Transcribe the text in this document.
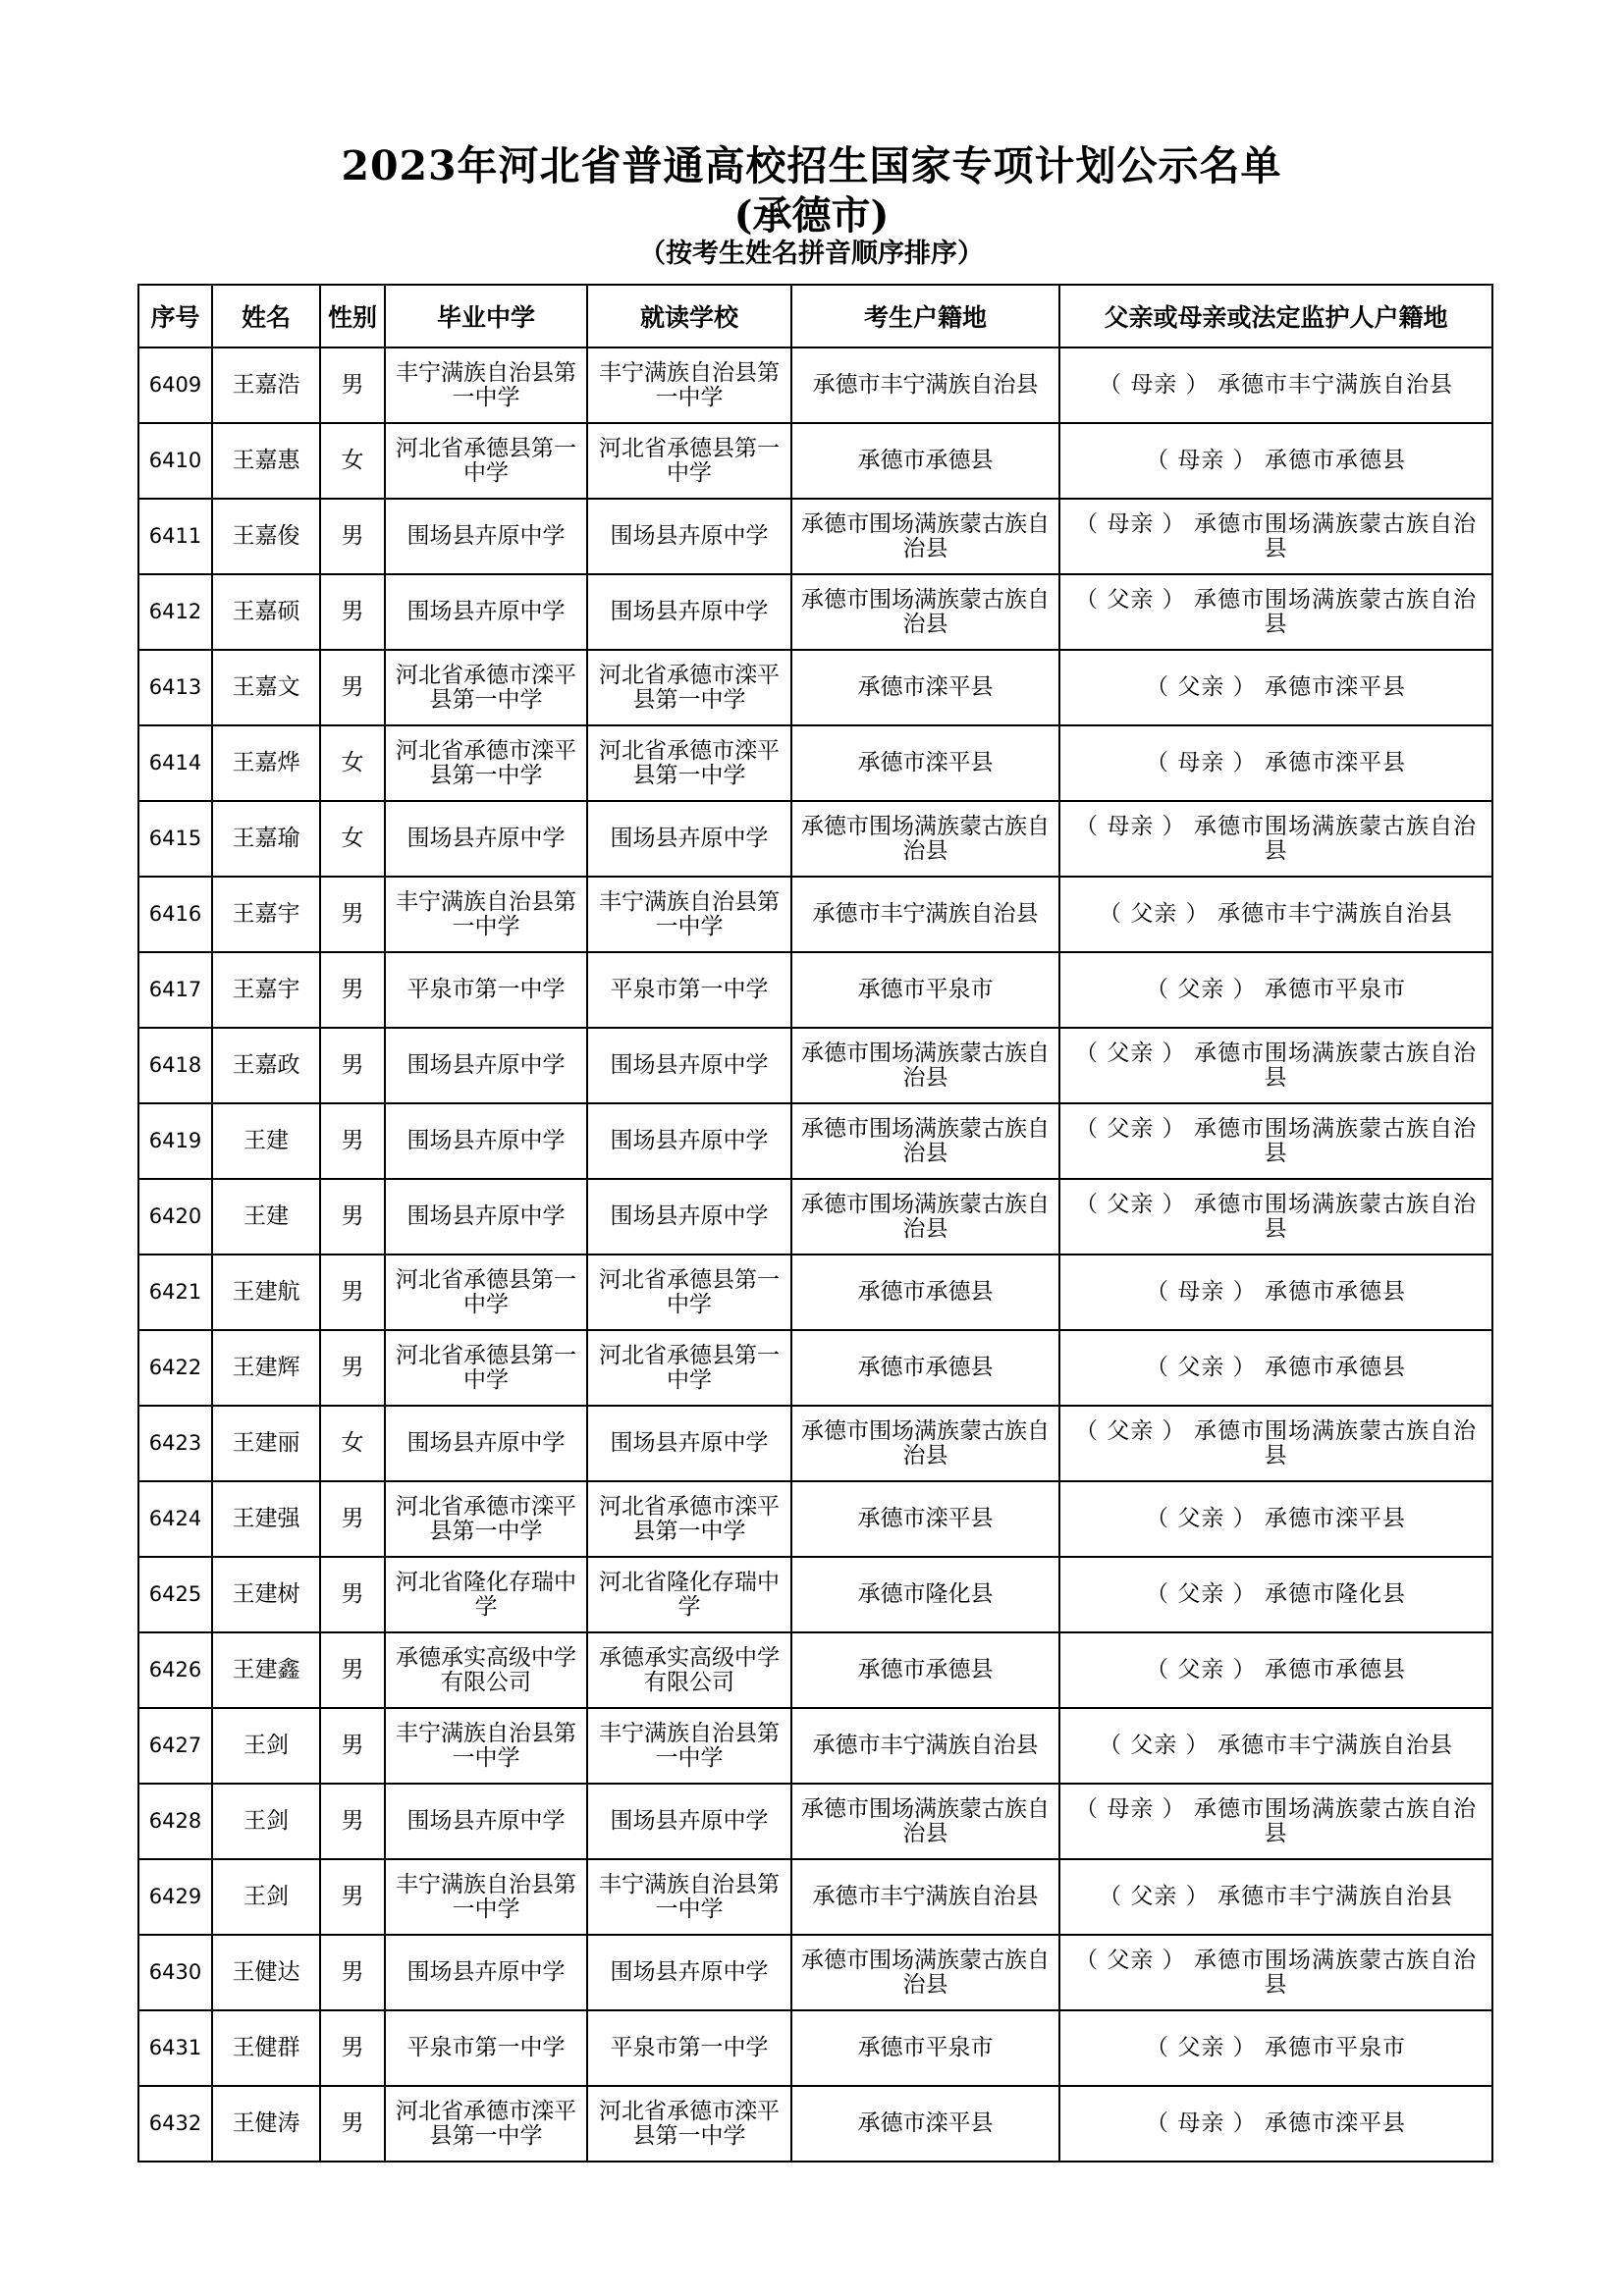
2023年河北省普通高校招生国家专项计划公示名单
(承德市)
（按考生姓名拼音顺序排序）
序号	姓名	性别	毕业中学	就读学校	考生户籍地	父亲或母亲或法定监护人户籍地
6409	王嘉浩	男	丰宁满族自治县第一中学	丰宁满族自治县第一中学	承德市丰宁满族自治县	（ 母亲 ） 承德市丰宁满族自治县
6410	王嘉惠	女	河北省承德县第一中学	河北省承德县第一中学	承德市承德县	（ 母亲 ） 承德市承德县
6411	王嘉俊	男	围场县卉原中学	围场县卉原中学	承德市围场满族蒙古族自治县	（ 母亲 ） 承德市围场满族蒙古族自治县
6412	王嘉硕	男	围场县卉原中学	围场县卉原中学	承德市围场满族蒙古族自治县	（ 父亲 ） 承德市围场满族蒙古族自治县
6413	王嘉文	男	河北省承德市滦平县第一中学	河北省承德市滦平县第一中学	承德市滦平县	（ 父亲 ） 承德市滦平县
6414	王嘉烨	女	河北省承德市滦平县第一中学	河北省承德市滦平县第一中学	承德市滦平县	（ 母亲 ） 承德市滦平县
6415	王嘉瑜	女	围场县卉原中学	围场县卉原中学	承德市围场满族蒙古族自治县	（ 母亲 ） 承德市围场满族蒙古族自治县
6416	王嘉宇	男	丰宁满族自治县第一中学	丰宁满族自治县第一中学	承德市丰宁满族自治县	（ 父亲 ） 承德市丰宁满族自治县
6417	王嘉宇	男	平泉市第一中学	平泉市第一中学	承德市平泉市	（ 父亲 ） 承德市平泉市
6418	王嘉政	男	围场县卉原中学	围场县卉原中学	承德市围场满族蒙古族自治县	（ 父亲 ） 承德市围场满族蒙古族自治县
6419	王建	男	围场县卉原中学	围场县卉原中学	承德市围场满族蒙古族自治县	（ 父亲 ） 承德市围场满族蒙古族自治县
6420	王建	男	围场县卉原中学	围场县卉原中学	承德市围场满族蒙古族自治县	（ 父亲 ） 承德市围场满族蒙古族自治县
6421	王建航	男	河北省承德县第一中学	河北省承德县第一中学	承德市承德县	（ 母亲 ） 承德市承德县
6422	王建辉	男	河北省承德县第一中学	河北省承德县第一中学	承德市承德县	（ 父亲 ） 承德市承德县
6423	王建丽	女	围场县卉原中学	围场县卉原中学	承德市围场满族蒙古族自治县	（ 父亲 ） 承德市围场满族蒙古族自治县
6424	王建强	男	河北省承德市滦平县第一中学	河北省承德市滦平县第一中学	承德市滦平县	（ 父亲 ） 承德市滦平县
6425	王建树	男	河北省隆化存瑞中学	河北省隆化存瑞中学	承德市隆化县	（ 父亲 ） 承德市隆化县
6426	王建鑫	男	承德承实高级中学有限公司	承德承实高级中学有限公司	承德市承德县	（ 父亲 ） 承德市承德县
6427	王剑	男	丰宁满族自治县第一中学	丰宁满族自治县第一中学	承德市丰宁满族自治县	（ 父亲 ） 承德市丰宁满族自治县
6428	王剑	男	围场县卉原中学	围场县卉原中学	承德市围场满族蒙古族自治县	（ 母亲 ） 承德市围场满族蒙古族自治县
6429	王剑	男	丰宁满族自治县第一中学	丰宁满族自治县第一中学	承德市丰宁满族自治县	（ 父亲 ） 承德市丰宁满族自治县
6430	王健达	男	围场县卉原中学	围场县卉原中学	承德市围场满族蒙古族自治县	（ 父亲 ） 承德市围场满族蒙古族自治县
6431	王健群	男	平泉市第一中学	平泉市第一中学	承德市平泉市	（ 父亲 ） 承德市平泉市
6432	王健涛	男	河北省承德市滦平县第一中学	河北省承德市滦平县第一中学	承德市滦平县	（ 母亲 ） 承德市滦平县
